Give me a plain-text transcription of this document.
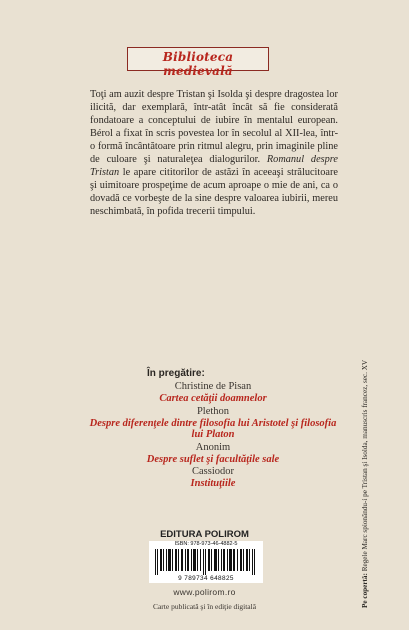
Biblioteca medievală
Toţi am auzit despre Tristan şi Isolda şi despre dragostea lor ilicită, dar exemplară, într-atât încât să fie considerată fondatoare a conceptului de iubire în mentalul european. Bérol a fixat în scris povestea lor în secolul al XII-lea, într-o formă încântătoare prin ritmul alegru, prin imaginile pline de culoare şi naturaleţea dialogurilor. Romanul despre Tristan le apare cititorilor de astăzi în aceeaşi strălucitoare şi uimitoare prospeţime de acum aproape o mie de ani, ca o dovadă ce vorbeşte de la sine despre valoarea iubirii, mereu neschimbată, în pofida trecerii timpului.
Pe copertă: Regele Marc spionându-i pe Tristan şi Isolda, manuscris francez, sec. XV
În pregătire:
Christine de Pisan
Cartea cetăţii doamnelor
Plethon
Despre diferenţele dintre filosofia lui Aristotel şi filosofia lui Platon
Anonim
Despre suflet şi facultăţile sale
Cassiodor
Instituţiile
EDITURA POLIROM
ISBN: 978-973-46-4882-5
9 789734 648825
www.polirom.ro
Carte publicată şi în ediţie digitală
